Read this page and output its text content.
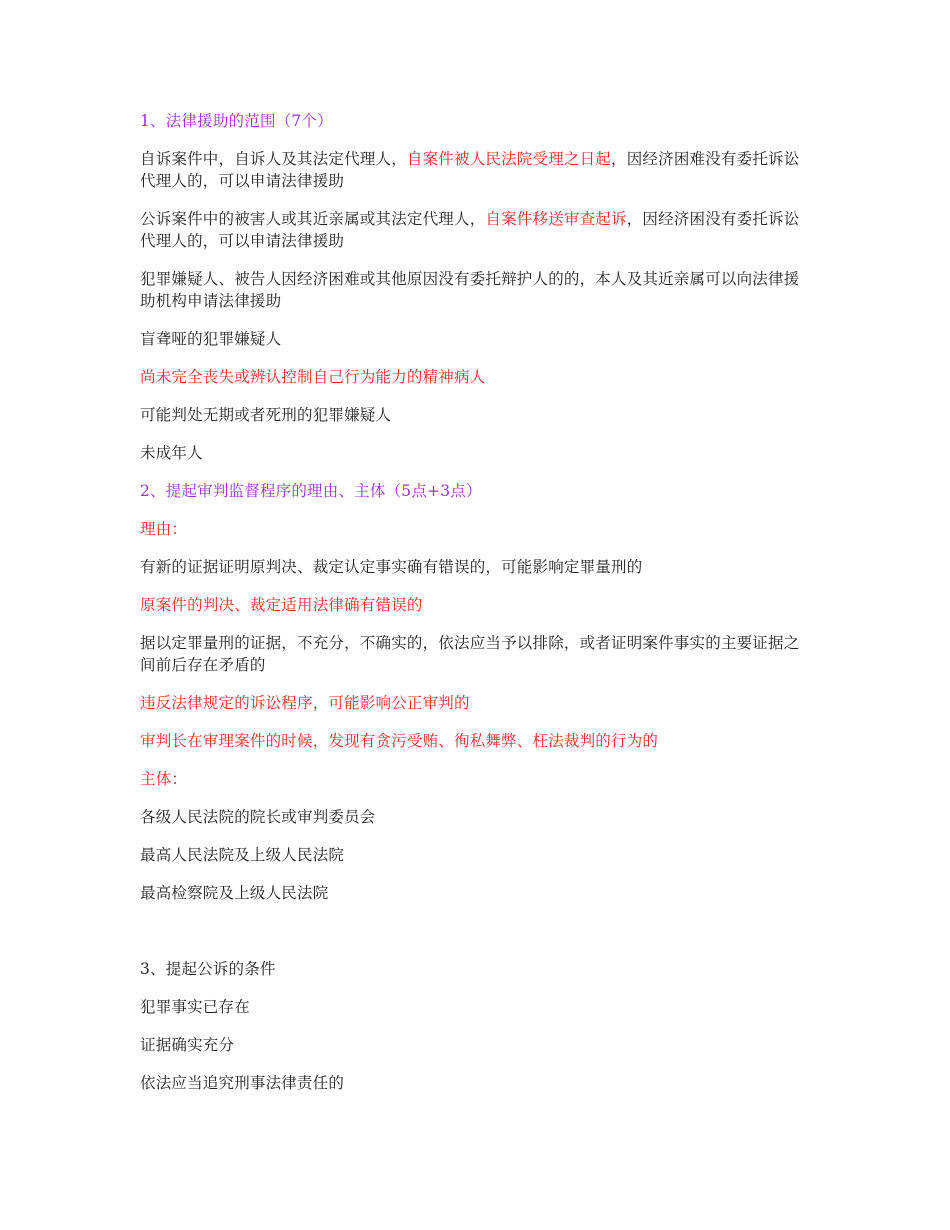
1、法律援助的范围（7个）

自诉案件中，自诉人及其法定代理人，自案件被人民法院受理之日起，因经济困难没有委托诉讼代理人的，可以申请法律援助

公诉案件中的被害人或其近亲属或其法定代理人，自案件移送审查起诉，因经济困没有委托诉讼代理人的，可以申请法律援助

犯罪嫌疑人、被告人因经济困难或其他原因没有委托辩护人的的，本人及其近亲属可以向法律援助机构申请法律援助

盲聋哑的犯罪嫌疑人

尚未完全丧失或辨认控制自己行为能力的精神病人

可能判处无期或者死刑的犯罪嫌疑人

未成年人

2、提起审判监督程序的理由、主体（5点+3点）

理由：

有新的证据证明原判决、裁定认定事实确有错误的，可能影响定罪量刑的

原案件的判决、裁定适用法律确有错误的

据以定罪量刑的证据，不充分，不确实的，依法应当予以排除，或者证明案件事实的主要证据之间前后存在矛盾的

违反法律规定的诉讼程序，可能影响公正审判的

审判长在审理案件的时候，发现有贪污受贿、徇私舞弊、枉法裁判的行为的

主体：

各级人民法院的院长或审判委员会

最高人民法院及上级人民法院

最高检察院及上级人民法院

3、提起公诉的条件

犯罪事实已存在

证据确实充分

依法应当追究刑事法律责任的
